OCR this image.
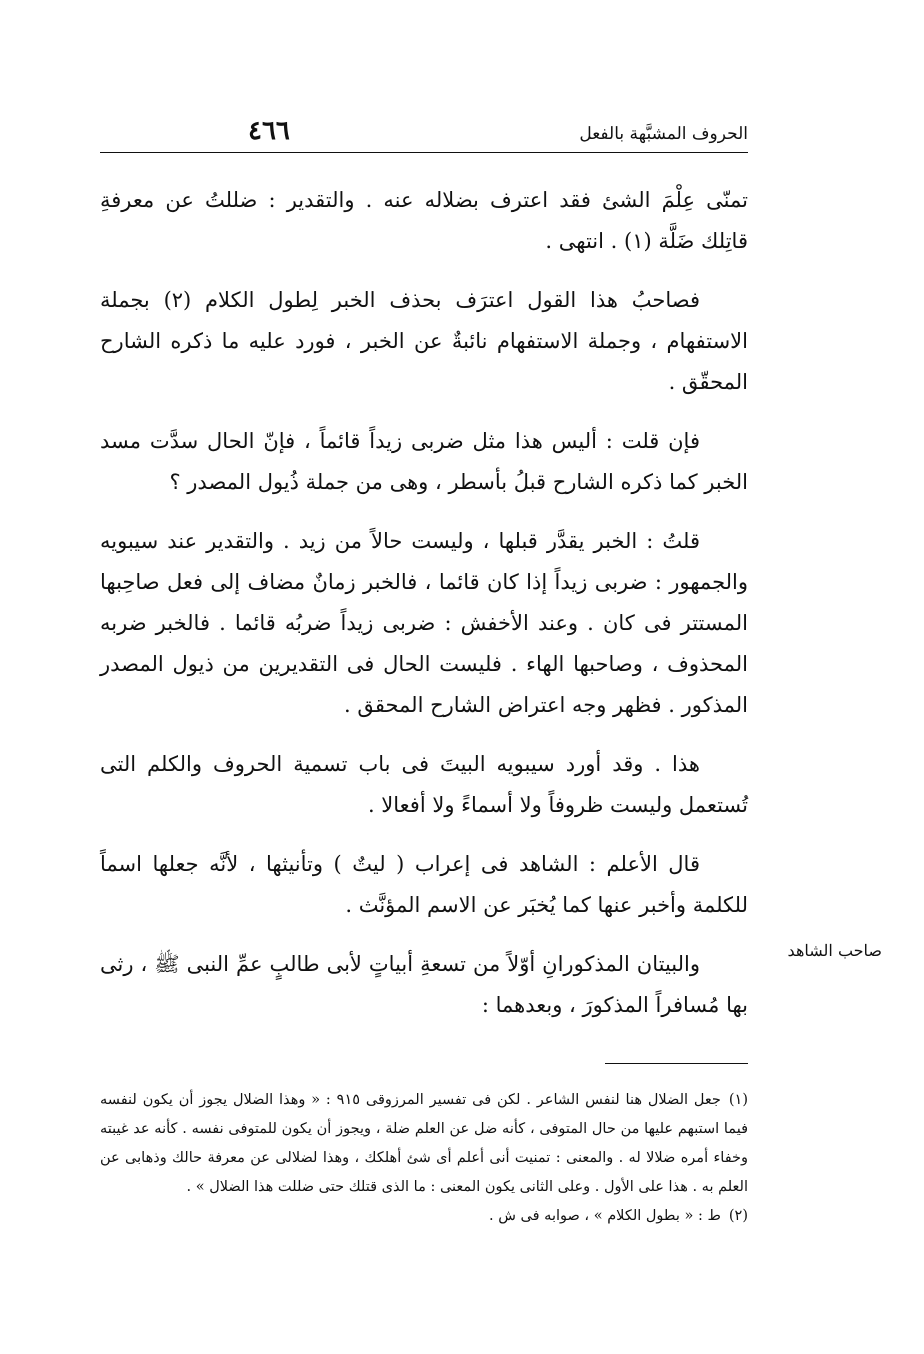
٤٦٦	الحروف المشبَّهة بالفعل

تمنّى عِلْمَ الشئ فقد اعترف بضلاله عنه . والتقدير : ضللتُ عن معرفةِ قاتِلك ضَلَّة (١) . انتهى .

فصاحبُ هذا القول اعترَف بحذف الخبر لِطول الكلام (٢) بجملة الاستفهام ، وجملة الاستفهام نائبةٌ عن الخبر ، فورد عليه ما ذكره الشارح المحقّق .

فإن قلت : أليس هذا مثل ضربى زيداً قائماً ، فإنّ الحال سدَّت مسد الخبر كما ذكره الشارح قبلُ بأسطر ، وهى من جملة ذُيول المصدر ؟

قلتُ : الخبر يقدَّر قبلها ، وليست حالاً من زيد . والتقدير عند سيبويه والجمهور : ضربى زيداً إذا كان قائما ، فالخبر زمانٌ مضاف إلى فعل صاحِبها المستتر فى كان . وعند الأخفش : ضربى زيداً ضربُه قائما . فالخبر ضربه المحذوف ، وصاحبها الهاء . فليست الحال فى التقديرين من ذيول المصدر المذكور . فظهر وجه اعتراض الشارح المحقق .

هذا . وقد أورد سيبويه البيتَ فى باب تسمية الحروف والكلم التى تُستعمل وليست ظروفاً ولا أسماءً ولا أفعالا .

قال الأعلم : الشاهد فى إعراب ( ليتٌ ) وتأنيثها ، لأنَّه جعلها اسماً للكلمة وأخبر عنها كما يُخبَر عن الاسم المؤنَّث .

والبيتان المذكورانِ أوّلاً من تسعةِ أبياتٍ لأبى طالبٍ عمِّ النبى ﷺ ، رثى بها مُسافراً المذكورَ ، وبعدهما :

صاحب الشاهد

(١)جعل الضلال هنا لنفس الشاعر . لكن فى تفسير المرزوقى ٩١٥ : « وهذا الضلال يجوز أن يكون لنفسه فيما استبهم عليها من حال المتوفى ، كأنه ضل عن العلم ضلة ، ويجوز أن يكون للمتوفى نفسه . كأنه عد غيبته وخفاء أمره ضلالا له . والمعنى : تمنيت أنى أعلم أى شئ أهلكك ، وهذا لضلالى عن معرفة حالك وذهابى عن العلم به . هذا على الأول . وعلى الثانى يكون المعنى : ما الذى قتلك حتى ضللت هذا الضلال » .

(٢)ط : « بطول الكلام » ، صوابه فى ش .
